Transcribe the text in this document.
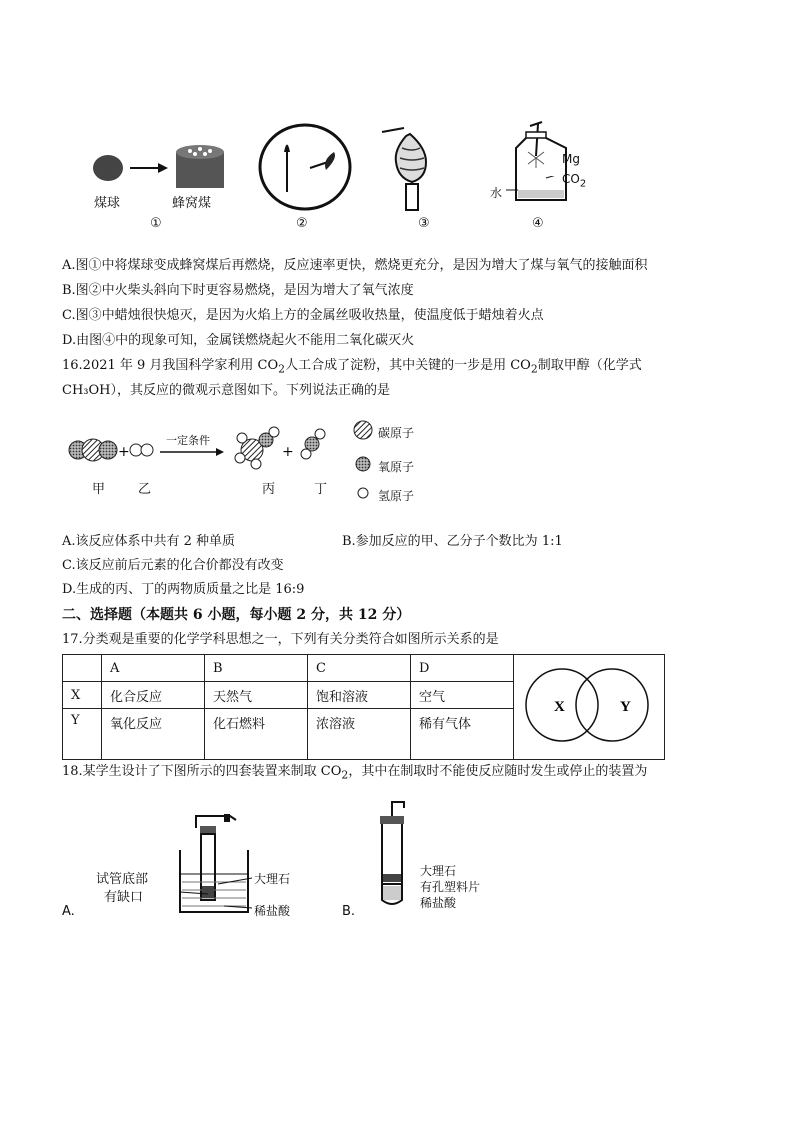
煤球	蜂窝煤
①	②	③
Mg
$CO_2$
水
④
A.图①中将煤球变成蜂窝煤后再燃烧，反应速率更快，燃烧更充分，是因为增大了煤与氧气的接触面积
B.图②中火柴头斜向下时更容易燃烧，是因为增大了氧气浓度
C.图③中蜡烛很快熄灭，是因为火焰上方的金属丝吸收热量，使温度低于蜡烛着火点
D.由图④中的现象可知，金属镁燃烧起火不能用二氧化碳灭火
16.2021 年 9 月我国科学家利用 $CO_2$人工合成了淀粉，其中关键的一步是用 $CO_2$制取甲醇（化学式
CH₃OH），其反应的微观示意图如下。下列说法正确的是
+	+
一定条件
甲	乙	丙	丁
碳原子
氧原子
氢原子
A.该反应体系中共有 2 种单质	B.参加反应的甲、乙分子个数比为 1:1
C.该反应前后元素的化合价都没有改变
D.生成的丙、丁的两物质质量之比是 16:9
二、选择题（本题共 6 小题，每小题 2 分，共 12 分）
17.分类观是重要的化学学科思想之一，下列有关分类符合如图所示关系的是
	A	B	C	D	X Y

X	化合反应	天然气	饱和溶液	空气	
Y	氧化反应	化石燃料	浓溶液	稀有气体	
18.某学生设计了下图所示的四套装置来制取 $CO_2$，其中在制取时不能使反应随时发生或停止的装置为
试管底部
有缺口
大理石
稀盐酸
A.
大理石
有孔塑料片
稀盐酸
B.
